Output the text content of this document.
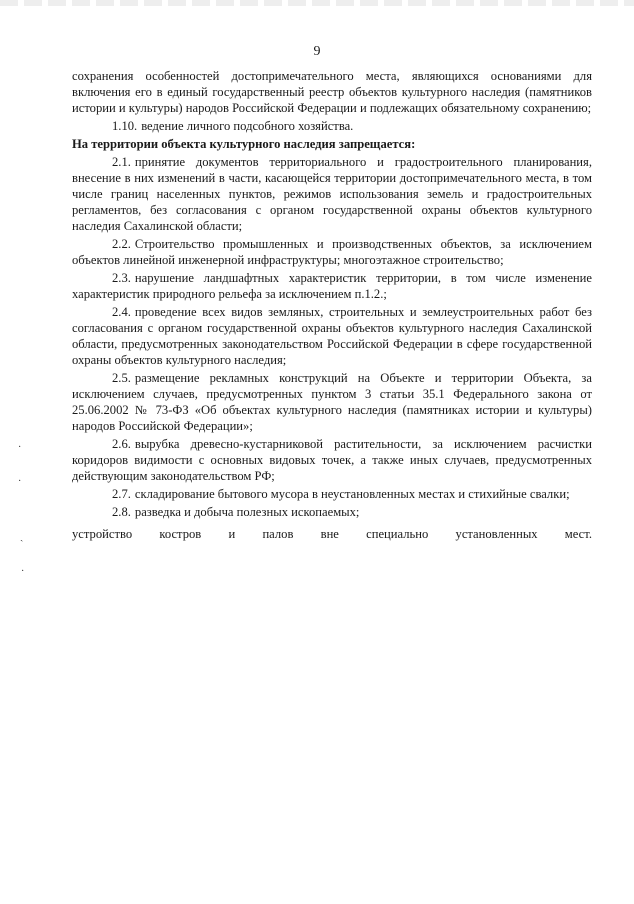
9

сохранения особенностей достопримечательного места, являющихся основаниями для включения его в единый государственный реестр объектов культурного наследия (памятников истории и культуры) народов Российской Федерации и подлежащих обязательному сохранению;

1.10. ведение личного подсобного хозяйства.

На территории объекта культурного наследия запрещается:

2.1. принятие документов территориального и градостроительного планирования, внесение в них изменений в части, касающейся территории достопримечательного места, в том числе границ населенных пунктов, режимов использования земель и градостроительных регламентов, без согласования с органом государственной охраны объектов культурного наследия Сахалинской области;

2.2. Строительство промышленных и производственных объектов, за исключением объектов линейной инженерной инфраструктуры; многоэтажное строительство;

2.3. нарушение ландшафтных характеристик территории, в том числе изменение характеристик природного рельефа за исключением п.1.2.;

2.4. проведение всех видов земляных, строительных и землеустроительных работ без согласования с органом государственной охраны объектов культурного наследия Сахалинской области, предусмотренных законодательством Российской Федерации в сфере государственной охраны объектов культурного наследия;

2.5. размещение рекламных конструкций на Объекте и территории Объекта, за исключением случаев, предусмотренных пунктом 3 статьи 35.1 Федерального закона от 25.06.2002 № 73-ФЗ «Об объектах культурного наследия (памятниках истории и культуры) народов Российской Федерации»;

2.6. вырубка древесно-кустарниковой растительности, за исключением расчистки коридоров видимости с основных видовых точек, а также иных случаев, предусмотренных действующим законодательством РФ;

2.7. складирование бытового мусора в неустановленных местах и стихийные свалки;

2.8. разведка и добыча полезных ископаемых;

устройство костров и палов вне специально установленных мест.
·
·
ˏ
·
